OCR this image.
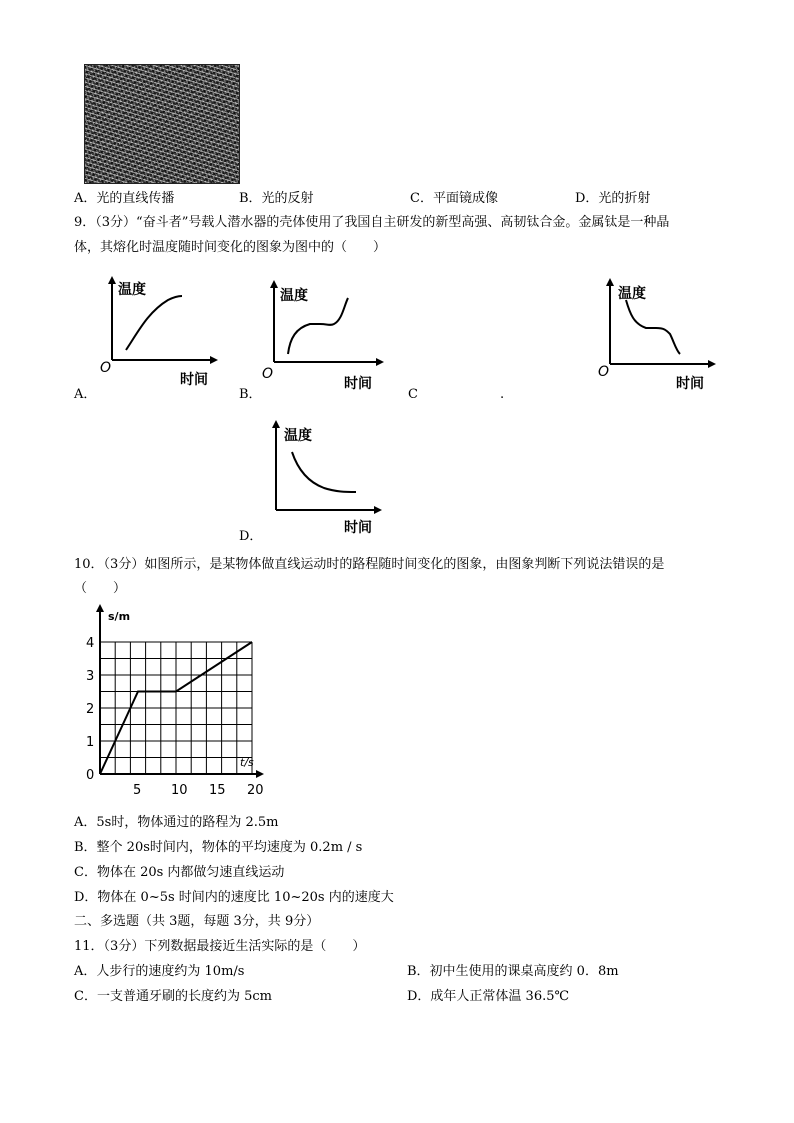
A．光的直线传播	B．光的反射	C．平面镜成像	D．光的折射
9．（3分）“奋斗者”号载人潜水器的壳体使用了我国自主研发的新型高强、高韧钛合金。金属钛是一种晶
体，其熔化时温度随时间变化的图象为图中的（　　）
温度
时间
O
A．
温度
时间
O
B．
温度
时间
O
C	.
温度
时间
D．
10．（3分）如图所示，是某物体做直线运动时的路程随时间变化的图象，由图象判断下列说法错误的是
（　　）
s/m
t/s
0
1
2
3
4
5 10 15 20
A．5s时，物体通过的路程为 2.5m
B．整个 20s时间内，物体的平均速度为 0.2m / s
C．物体在 20s 内都做匀速直线运动
D．物体在 0~5s 时间内的速度比 10~20s 内的速度大
二、多选题（共 3题，每题 3分，共 9分）
11．（3分）下列数据最接近生活实际的是（　　）
A．人步行的速度约为 10m/s	B．初中生使用的课桌高度约 0．8m
C．一支普通牙刷的长度约为 5cm	D．成年人正常体温 36.5℃
